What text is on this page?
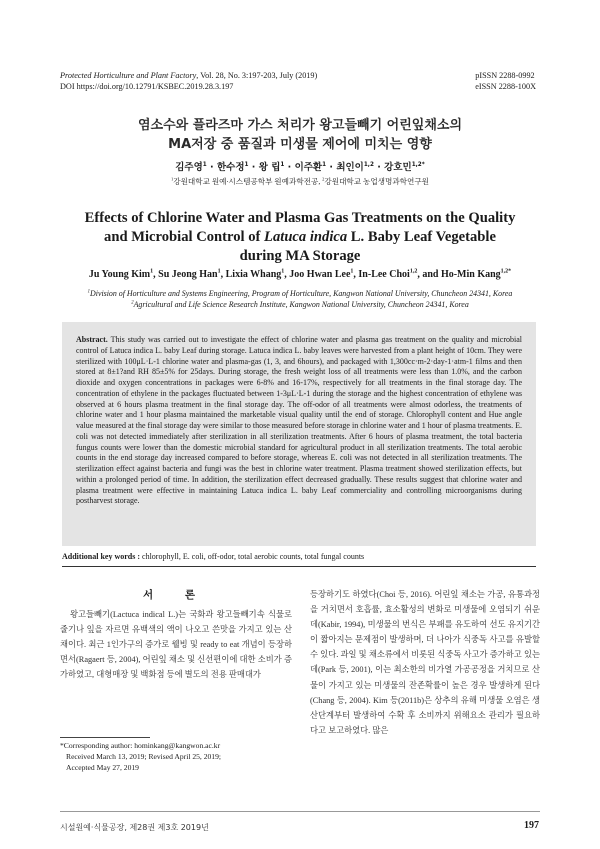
Protected Horticulture and Plant Factory, Vol. 28, No. 3:197-203, July (2019)
DOI https://doi.org/10.12791/KSBEC.2019.28.3.197
pISSN 2288-0992
eISSN 2288-100X
염소수와 플라즈마 가스 처리가 왕고들빼기 어린잎채소의
MA저장 중 품질과 미생물 제어에 미치는 영향
김주영$^1$ · 한수정$^1$ · 왕 립$^1$ · 이주환$^1$ · 최인이$^{1,2}$ · 강호민$^{1,2*}$
$^1$강원대학교 원예∙시스템공학부 원예과학전공, $^2$강원대학교 농업생명과학연구원
Effects of Chlorine Water and Plasma Gas Treatments on the Quality
and Microbial Control of Latuca indica L. Baby Leaf Vegetable
during MA Storage
Ju Young Kim$^1$, Su Jeong Han$^1$, Lixia Whang$^1$, Joo Hwan Lee$^1$, In-Lee Choi$^{1,2}$, and Ho-Min Kang$^{1,2*}$
$^1$Division of Horticulture and Systems Engineering, Program of Horticulture, Kangwon National University, Chuncheon 24341, Korea
$^2$Agricultural and Life Science Research Institute, Kangwon National University, Chuncheon 24341, Korea
Abstract. This study was carried out to investigate the effect of chlorine water and plasma gas treatment on the quality and microbial control of Latuca indica L. baby Leaf during storage. Latuca indica L. baby leaves were harvested from a plant height of 10cm. They were sterilized with 100μL·L-1 chlorine water and plasma-gas (1, 3, and 6hours), and packaged with 1,300cc·m-2·day-1·atm-1 films and then stored at 8±1?and RH 85±5% for 25days. During storage, the fresh weight loss of all treatments were less than 1.0%, and the carbon dioxide and oxygen concentrations in packages were 6-8% and 16-17%, respectively for all treatments in the final storage day. The concentration of ethylene in the packages fluctuated between 1-3μL·L-1 during the storage and the highest concentration of ethylene was observed at 6 hours plasma treatment in the final storage day. The off-odor of all treatments were almost odorless, the treatments of chlorine water and 1 hour plasma maintained the marketable visual quality until the end of storage. Chlorophyll content and Hue angle value measured at the final storage day were similar to those measured before storage in chlorine water and 1 hour of plasma treatments. E. coli was not detected immediately after sterilization in all sterilization treatments. After 6 hours of plasma treatment, the total bacteria fungus counts were lower than the domestic microbial standard for agricultural product in all sterilization treatments. The total aerobic counts in the end storage day increased compared to before storage, whereas E. coli was not detected in all sterilization treatments. The sterilization effect against bacteria and fungi was the best in chlorine water treatment. Plasma treatment showed sterilization effects, but within a prolonged period of time. In addition, the sterilization effect decreased gradually. These results suggest that chlorine water and plasma treatment were effective in maintaining Latuca indica L. baby Leaf commerciality and controlling microorganisms during postharvest storage.
Additional key words : chlorophyll, E. coli, off-odor, total aerobic counts, total fungal counts
서 론
왕고들빼기(Lactuca indical L.)는 국화과 왕고들빼기속 식물로 줄기나 잎을 자르면 유백색의 액이 나오고 쓴맛을 가지고 있는 산채이다. 최근 1인가구의 증가로 웰빙 및 ready to eat 개념이 등장하면서(Ragaert 등, 2004), 어린잎 채소 및 신선편이에 대한 소비가 증가하였고, 대형매장 및 백화점 등에 별도의 전용 판매대가
등장하기도 하였다(Choi 등, 2016). 어린잎 채소는 가공, 유통과정을 거치면서 호흡률, 효소활성의 변화로 미생물에 오염되기 쉬운데(Kabir, 1994), 미생물의 번식은 부패를 유도하여 선도 유지기간이 짧아지는 문제점이 발생하며, 더 나아가 식중독 사고를 유발할 수 있다. 과일 및 채소류에서 비롯된 식중독 사고가 증가하고 있는데(Park 등, 2001), 이는 최소한의 비가열 가공공정을 거치므로 산물이 가지고 있는 미생물의 잔존확률이 높은 경우 발생하게 된다(Chang 등, 2004). Kim 등(2011b)은 상추의 유해 미생물 오염은 생산단계부터 발생하여 수확 후 소비까지 위해요소 관리가 필요하다고 보고하였다. 많은
*Corresponding author: hominkang@kangwon.ac.kr
Received March 13, 2019; Revised April 25, 2019;
Accepted May 27, 2019
시설원예·식물공장, 제28권 제3호 2019년	197
